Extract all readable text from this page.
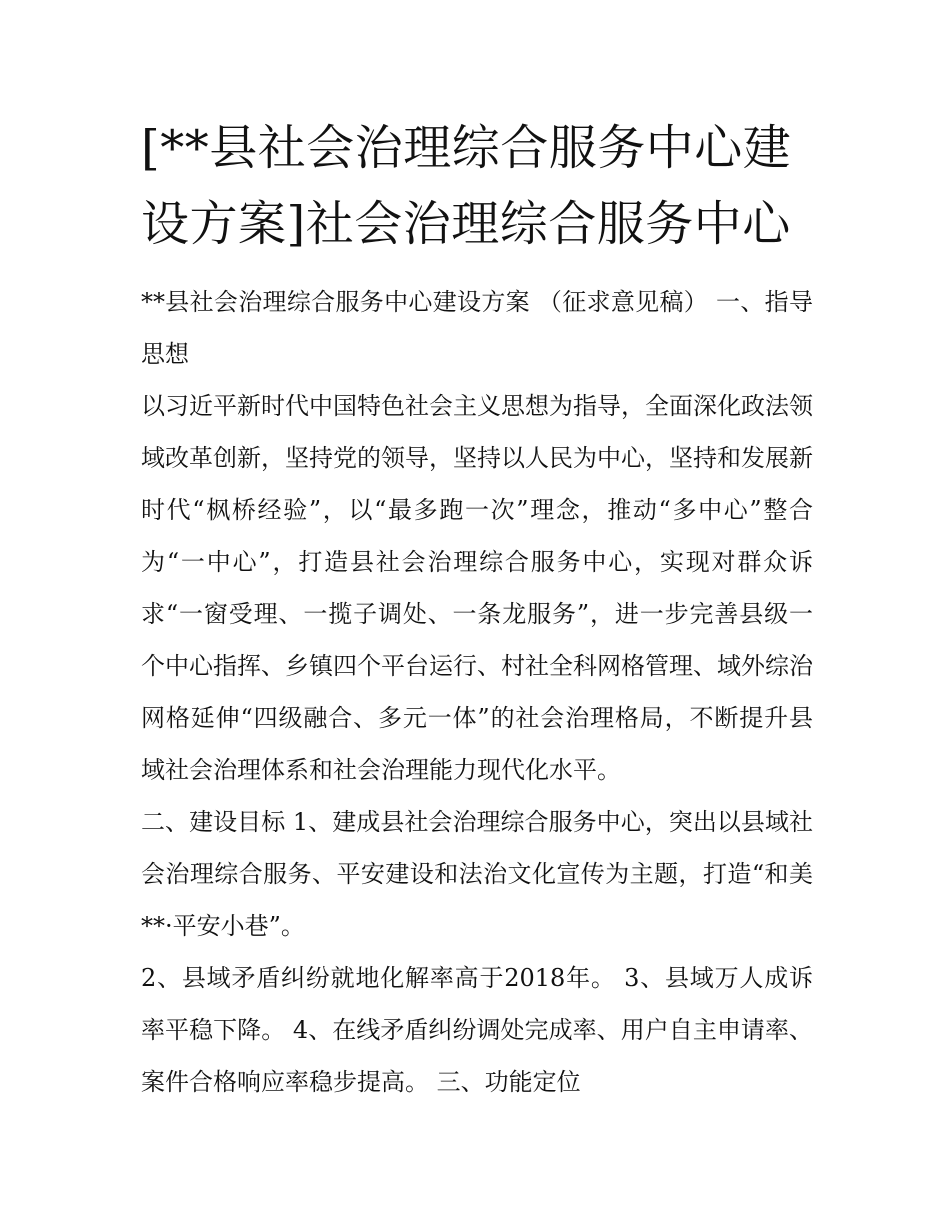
[**县社会治理综合服务中心建设方案]社会治理综合服务中心

**县社会治理综合服务中心建设方案 （征求意见稿） 一、指导思想

以习近平新时代中国特色社会主义思想为指导，全面深化政法领域改革创新，坚持党的领导，坚持以人民为中心，坚持和发展新时代“枫桥经验”，以“最多跑一次”理念，推动“多中心”整合为“一中心”，打造县社会治理综合服务中心，实现对群众诉求“一窗受理、一揽子调处、一条龙服务”，进一步完善县级一个中心指挥、乡镇四个平台运行、村社全科网格管理、域外综治网格延伸“四级融合、多元一体”的社会治理格局，不断提升县域社会治理体系和社会治理能力现代化水平。

二、建设目标 1、建成县社会治理综合服务中心，突出以县域社会治理综合服务、平安建设和法治文化宣传为主题，打造“和美**·平安小巷”。

2、县域矛盾纠纷就地化解率高于2018年。 3、县域万人成诉率平稳下降。 4、在线矛盾纠纷调处完成率、用户自主申请率、案件合格响应率稳步提高。 三、功能定位
